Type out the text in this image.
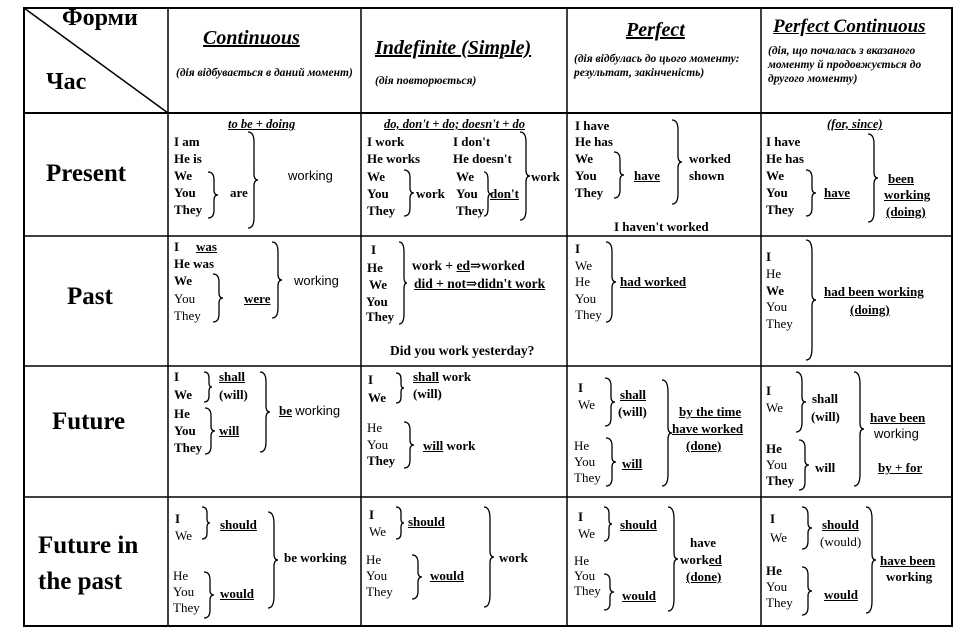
Форми
Час
Continuous
(дія відбувається в даний момент)
Indefinite (Simple)
(дія повторюється)
Perfect
(дія відбулась до цього моменту: результат, закінченість)
Perfect Continuous
(дія, що почалась з вказаного моменту й продовжується до другого моменту)
Present
Past
Future
Future in
the past
to be + doing
I am
He is
We
You
They
are
working
do, don't + do; doesn't + do
I work
He works
We
You
They
work
I don't
He doesn't
We
You
They
don't
work
I have
He has
We
You
They
have
worked
shown
I haven't worked
(for, since)
I have
He has
We
You
They
have
been
working
(doing)
I was
He was
We
You
They
were
working
I
He
We
You
They
work + ed⇒worked
did + not⇒didn't work
Did you work yesterday?
I
We
He
You
They
had worked
I
He
We
You
They
had been working
(doing)
I
We
shall
(will)
He
You
They
will
be working
I
We
shall work
(will)
He
You
They
will work
I
We
shall
(will)
He
You
They
will
by the time
have worked
(done)
I
We
shall
(will)
He
You
They
will
have been
working
by + for
I
We
should
He
You
They
would
be working
I
We
should
He
You
They
would
work
I
We
should
He
You
They would
have
worked
(done)
I
We
should
(would)
He
You
They
would
have been
working
